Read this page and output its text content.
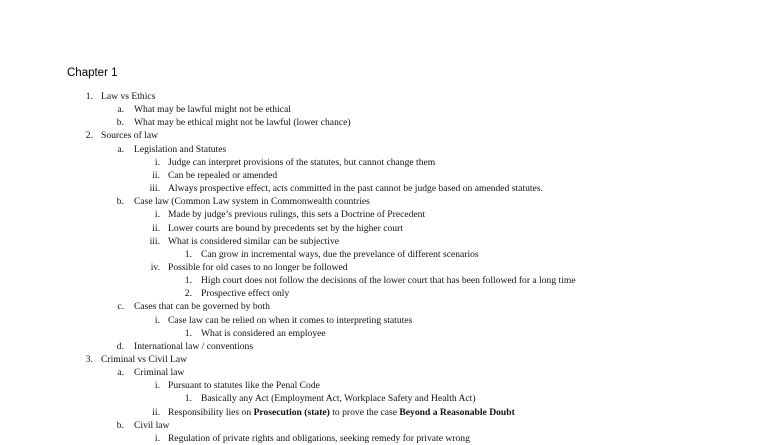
Chapter 1
1. Law vs Ethics
a. What may be lawful might not be ethical
b. What may be ethical might not be lawful (lower chance)
2. Sources of law
a. Legislation and Statutes
i. Judge can interpret provisions of the statutes, but cannot change them
ii. Can be repealed or amended
iii. Always prospective effect, acts committed in the past cannot be judge based on amended statutes.
b. Case law (Common Law system in Commonwealth countries
i. Made by judge’s previous rulings, this sets a Doctrine of Precedent
ii. Lower courts are bound by precedents set by the higher court
iii. What is considered similar can be subjective
1. Can grow in incremental ways, due the prevelance of different scenarios
iv. Possible for old cases to no longer be followed
1. High court does not follow the decisions of the lower court that has been followed for a long time
2. Prospective effect only
c. Cases that can be governed by both
i. Case law can be relied on when it comes to interpreting statutes
1. What is considered an employee
d. International law / conventions
3. Criminal vs Civil Law
a. Criminal law
i. Pursuant to statutes like the Penal Code
1. Basically any Act (Employment Act, Workplace Safety and Health Act)
ii. Responsibility lies on Prosecution (state) to prove the case Beyond a Reasonable Doubt
b. Civil law
i. Regulation of private rights and obligations, seeking remedy for private wrong
